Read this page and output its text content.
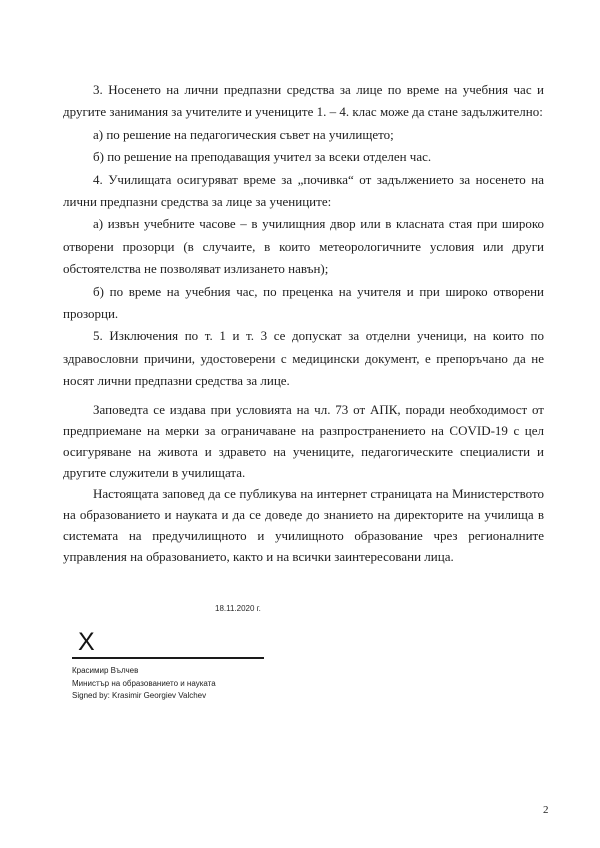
3. Носенето на лични предпазни средства за лице по време на учебния час и другите занимания за учителите и учениците 1. – 4. клас може да стане задължително:

а) по решение на педагогическия съвет на училището;

б) по решение на преподаващия учител за всеки отделен час.

4. Училищата осигуряват време за „почивка“ от задължението за носенето на лични предпазни средства за лице за учениците:

а) извън учебните часове – в училищния двор или в класната стая при широко отворени прозорци (в случаите, в които метеорологичните условия или други обстоятелства не позволяват излизането навън);

б) по време на учебния час, по преценка на учителя и при широко отворени прозорци.

5. Изключения по т. 1 и т. 3 се допускат за отделни ученици, на които по здравословни причини, удостоверени с медицински документ, е препоръчано да не носят лични предпазни средства за лице.

Заповедта се издава при условията на чл. 73 от АПК, поради необходимост от предприемане на мерки за ограничаване на разпространението на COVID-19 с цел осигуряване на живота и здравето на учениците, педагогическите специалисти и другите служители в училищата.

Настоящата заповед да се публикува на интернет страницата на Министерството на образованието и науката и да се доведе до знанието на директорите на училища в системата на предучилищното и училищното образование чрез регионалните управления на образованието, както и на всички заинтересовани лица.

18.11.2020 г.
X
Красимир Вълчев
Министър на образованието и науката
Signed by: Krasimir Georgiev Valchev
2
